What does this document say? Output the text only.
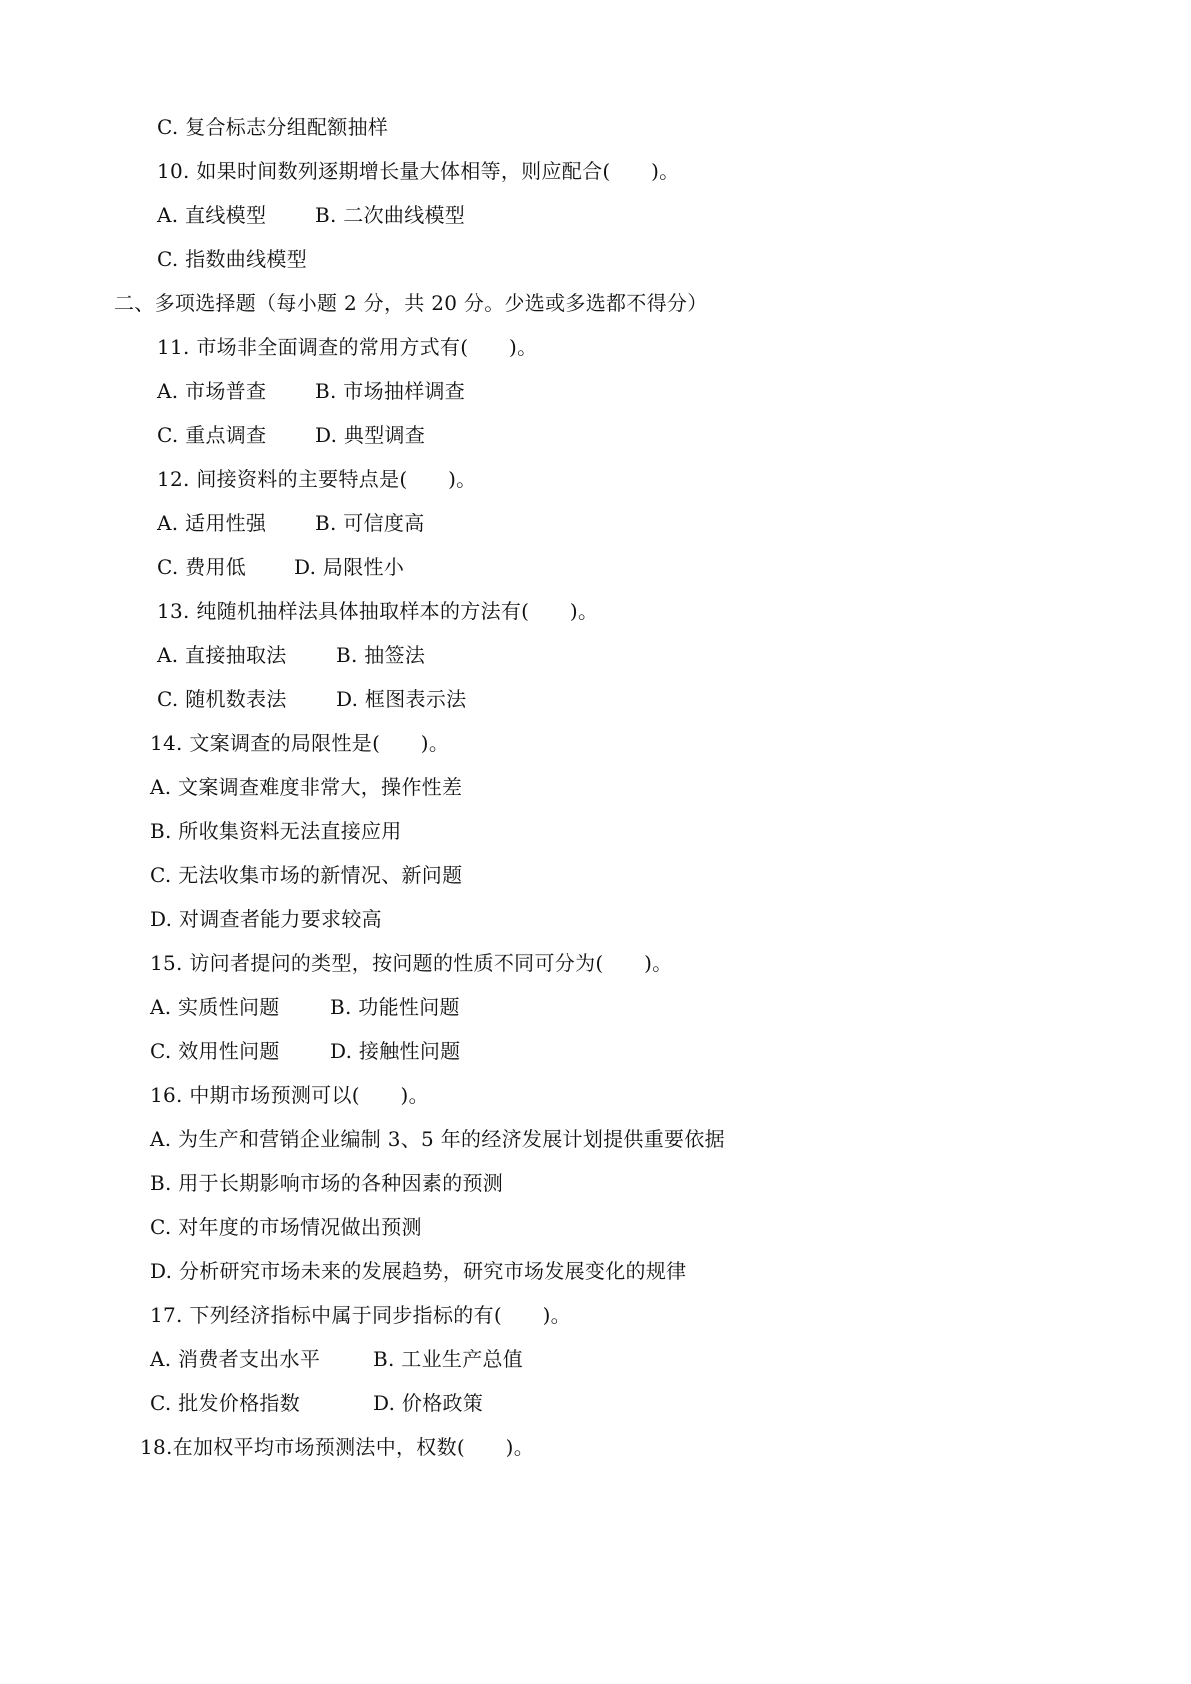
C. 复合标志分组配额抽样
10. 如果时间数列逐期增长量大体相等，则应配合(　　)。
A. 直线模型 B. 二次曲线模型
C. 指数曲线模型
二、多项选择题（每小题 2 分，共 20 分。少选或多选都不得分）
11. 市场非全面调查的常用方式有(　　)。
A. 市场普查 B. 市场抽样调查
C. 重点调查 D. 典型调查
12. 间接资料的主要特点是(　　)。
A. 适用性强 B. 可信度高
C. 费用低 D. 局限性小
13. 纯随机抽样法具体抽取样本的方法有(　　)。
A. 直接抽取法 B. 抽签法
C. 随机数表法 D. 框图表示法
14. 文案调查的局限性是(　　)。
A. 文案调查难度非常大，操作性差
B. 所收集资料无法直接应用
C. 无法收集市场的新情况、新问题
D. 对调查者能力要求较高
15. 访问者提问的类型，按问题的性质不同可分为(　　)。
A. 实质性问题	B. 功能性问题
C. 效用性问题	D. 接触性问题
16. 中期市场预测可以(　　)。
A. 为生产和营销企业编制 3、5 年的经济发展计划提供重要依据
B. 用于长期影响市场的各种因素的预测
C. 对年度的市场情况做出预测
D. 分析研究市场未来的发展趋势，研究市场发展变化的规律
17. 下列经济指标中属于同步指标的有(　　)。
A. 消费者支出水平	B. 工业生产总值
C. 批发价格指数	D. 价格政策
18.在加权平均市场预测法中，权数(　　)。
